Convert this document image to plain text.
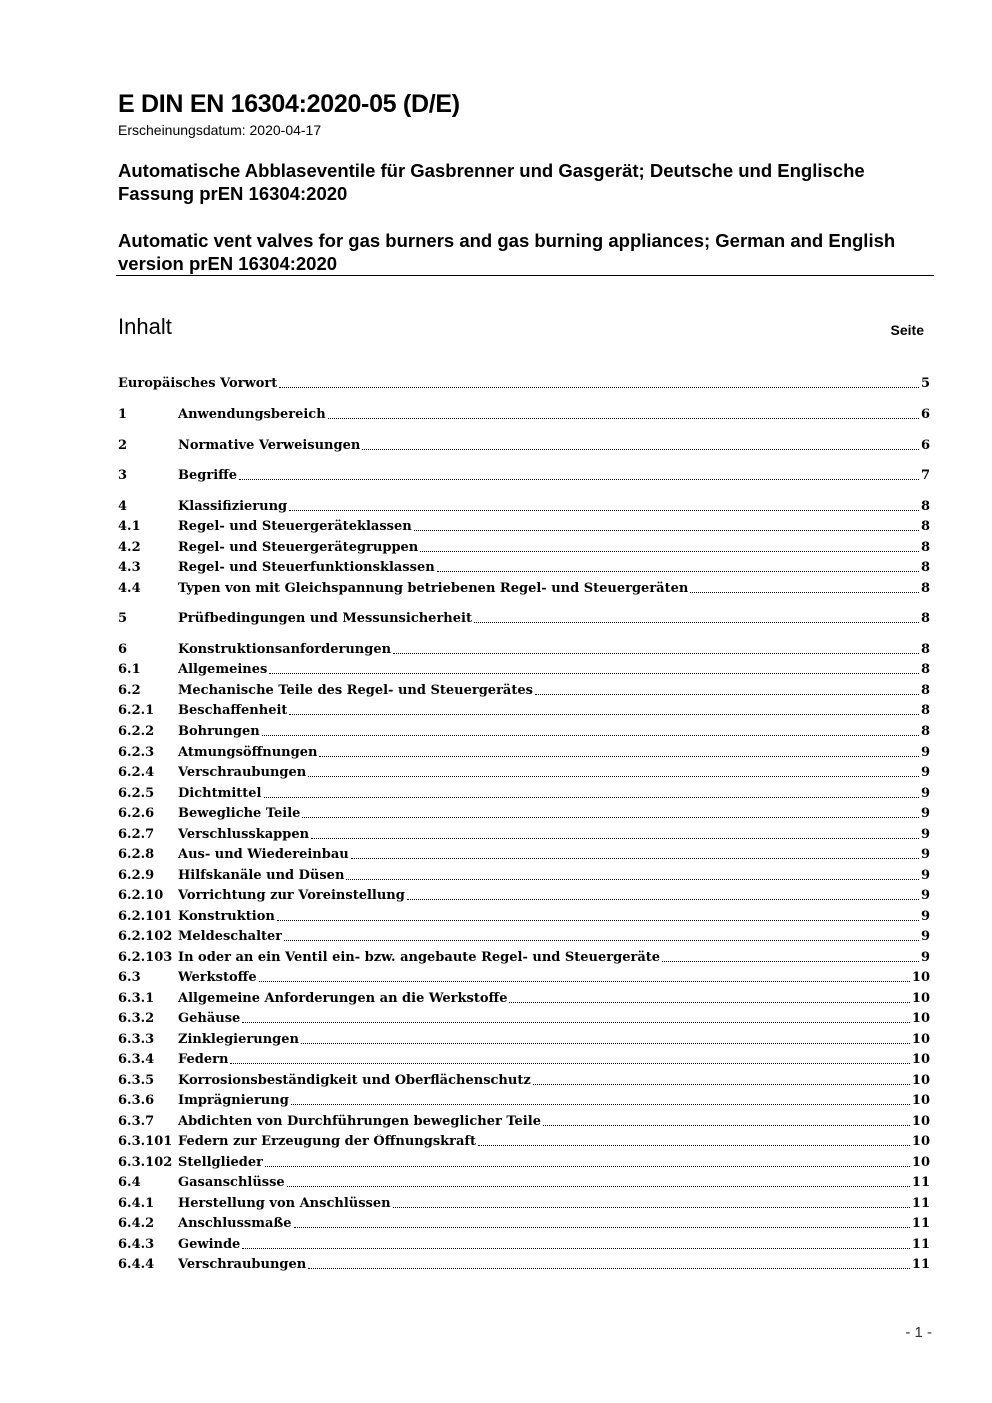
E DIN EN 16304:2020-05 (D/E)
Erscheinungsdatum: 2020-04-17
Automatische Abblaseventile für Gasbrenner und Gasgerät; Deutsche und Englische Fassung prEN 16304:2020
Automatic vent valves for gas burners and gas burning appliances; German and English version prEN 16304:2020
Inhalt	Seite
Europäisches Vorwort	5
1	Anwendungsbereich	6
2	Normative Verweisungen	6
3	Begriffe	7
4	Klassifizierung	8
4.1	Regel- und Steuergeräteklassen	8
4.2	Regel- und Steuergerätegruppen	8
4.3	Regel- und Steuerfunktionsklassen	8
4.4	Typen von mit Gleichspannung betriebenen Regel- und Steuergeräten	8
5	Prüfbedingungen und Messunsicherheit	8
6	Konstruktionsanforderungen	8
6.1	Allgemeines	8
6.2	Mechanische Teile des Regel- und Steuergerätes	8
6.2.1	Beschaffenheit	8
6.2.2	Bohrungen	8
6.2.3	Atmungsöffnungen	9
6.2.4	Verschraubungen	9
6.2.5	Dichtmittel	9
6.2.6	Bewegliche Teile	9
6.2.7	Verschlusskappen	9
6.2.8	Aus- und Wiedereinbau	9
6.2.9	Hilfskanäle und Düsen	9
6.2.10	Vorrichtung zur Voreinstellung	9
6.2.101 Konstruktion	9
6.2.102 Meldeschalter	9
6.2.103 In oder an ein Ventil ein- bzw. angebaute Regel- und Steuergeräte	9
6.3	Werkstoffe	10
6.3.1	Allgemeine Anforderungen an die Werkstoffe	10
6.3.2	Gehäuse	10
6.3.3	Zinklegierungen	10
6.3.4	Federn	10
6.3.5	Korrosionsbeständigkeit und Oberflächenschutz	10
6.3.6	Imprägnierung	10
6.3.7	Abdichten von Durchführungen beweglicher Teile	10
6.3.101 Federn zur Erzeugung der Öffnungskraft	10
6.3.102 Stellglieder	10
6.4	Gasanschlüsse	11
6.4.1	Herstellung von Anschlüssen	11
6.4.2	Anschlussmaße	11
6.4.3	Gewinde	11
6.4.4	Verschraubungen	11
- 1 -
